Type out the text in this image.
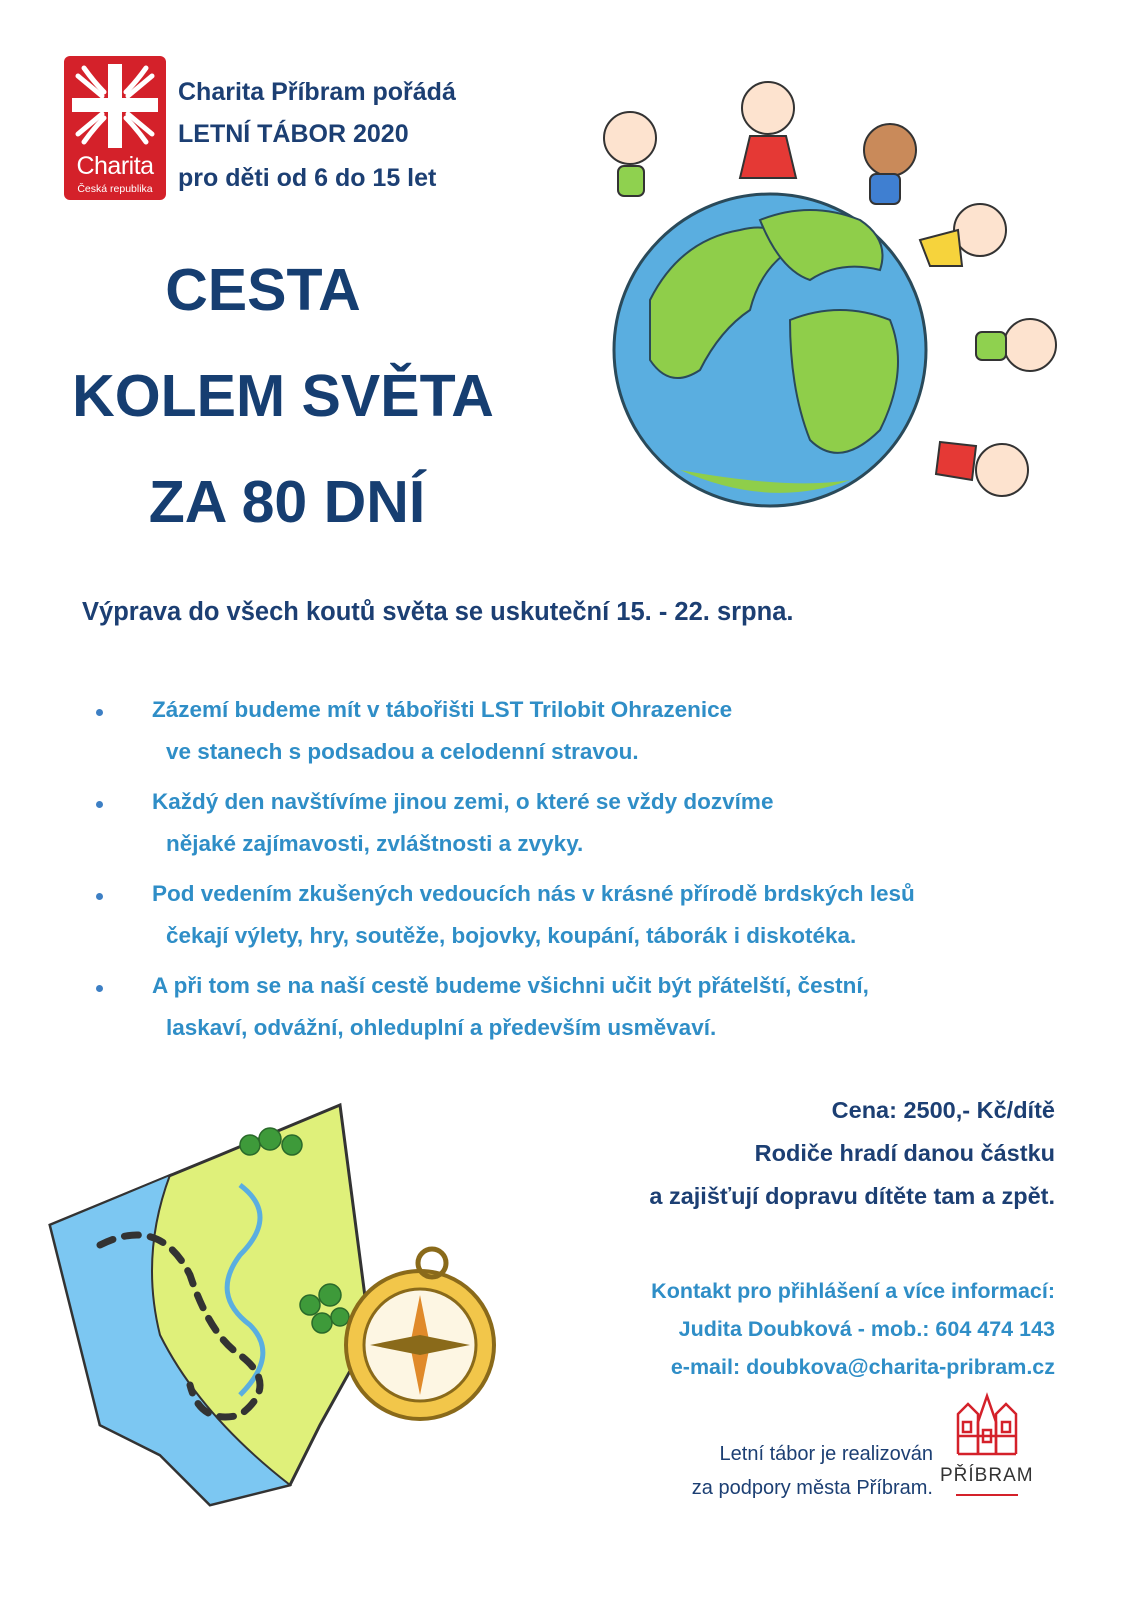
Charita
Česká republika
Charita Příbram pořádá
LETNÍ TÁBOR 2020
pro děti od 6 do 15 let
CESTA
KOLEM SVĚTA
ZA 80 DNÍ
Výprava do všech koutů světa se uskuteční 15. - 22. srpna.
Zázemí budeme mít v tábořišti LST Trilobit Ohrazenice
ve stanech s podsadou a celodenní stravou.
Každý den navštívíme jinou zemi, o které se vždy dozvíme
nějaké zajímavosti, zvláštnosti a zvyky.
Pod vedením zkušených vedoucích nás v krásné přírodě brdských lesů
čekají výlety, hry, soutěže, bojovky, koupání, táborák i diskotéka.
A při tom se na naší cestě budeme všichni učit být přátelští, čestní,
laskaví, odvážní, ohleduplní a především usměvaví.
Cena: 2500,- Kč/dítě
Rodiče hradí danou částku
a zajišťují dopravu dítěte tam a zpět.
Kontakt pro přihlášení a více informací:
Judita Doubková - mob.: 604 474 143
e-mail: doubkova@charita-pribram.cz
Letní tábor je realizován
za podpory města Příbram.
PŘÍBRAM
